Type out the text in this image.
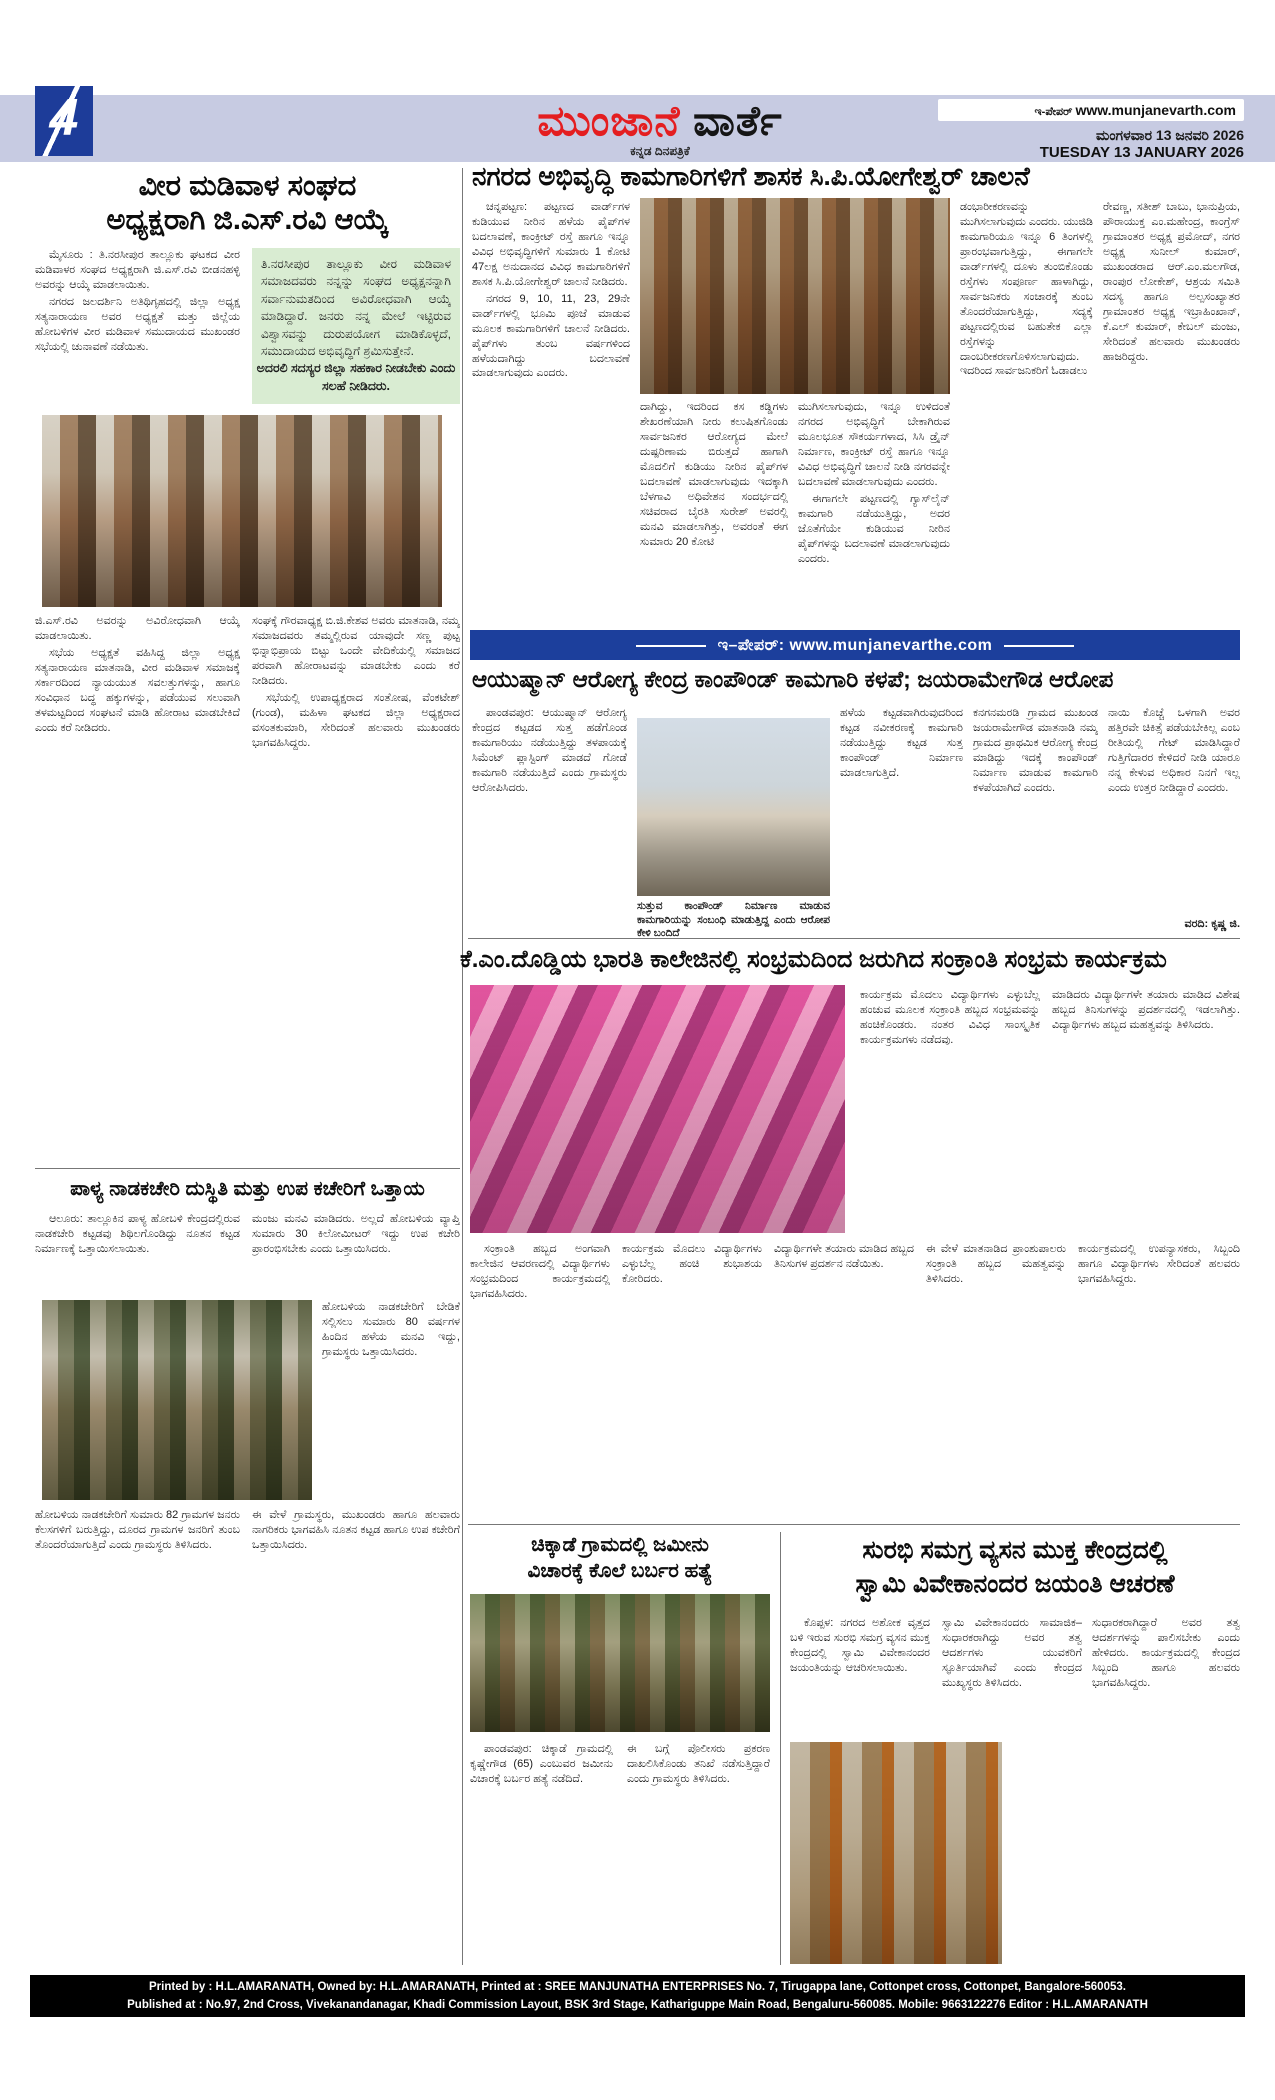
4	ಮುಂಜಾನೆ ವಾರ್ತೆ
ಕನ್ನಡ ದಿನಪತ್ರಿಕೆ
ಇ-ಪೇಪರ್ www.munjanevarth.com
ಮಂಗಳವಾರ 13 ಜನವರಿ 2026
TUESDAY 13 JANUARY 2026
ವೀರ ಮಡಿವಾಳ ಸಂಘದ
ಅಧ್ಯಕ್ಷರಾಗಿ ಜಿ.ಎಸ್.ರವಿ ಆಯ್ಕೆ

ಮೈಸೂರು : ತಿ.ನರಸೀಪುರ ತಾಲ್ಲೂಕು ಘಟಕದ ವೀರ ಮಡಿವಾಳರ ಸಂಘದ ಅಧ್ಯಕ್ಷರಾಗಿ ಜಿ.ಎಸ್.ರವಿ ಬೀಡನಹಳ್ಳಿ ಅವರನ್ನು ಆಯ್ಕೆ ಮಾಡಲಾಯಿತು.

ನಗರದ ಜಲದರ್ಶಿನಿ ಅತಿಥಿಗೃಹದಲ್ಲಿ ಜಿಲ್ಲಾ ಅಧ್ಯಕ್ಷ ಸತ್ಯನಾರಾಯಣ ಅವರ ಅಧ್ಯಕ್ಷತೆ ಮತ್ತು ಜಿಲ್ಲೆಯ ಹೋಬಳಿಗಳ ವೀರ ಮಡಿವಾಳ ಸಮುದಾಯದ ಮುಖಂಡರ ಸಭೆಯಲ್ಲಿ ಚುನಾವಣೆ ನಡೆಯಿತು.

ತಿ.ನರಸೀಪುರ ತಾಲ್ಲೂಕು ವೀರ ಮಡಿವಾಳ ಸಮಾಜದವರು ನನ್ನನ್ನು ಸಂಘದ ಅಧ್ಯಕ್ಷನನ್ನಾಗಿ ಸರ್ವಾನುಮತದಿಂದ ಅವಿರೋಧವಾಗಿ ಆಯ್ಕೆ ಮಾಡಿದ್ದಾರೆ. ಜನರು ನನ್ನ ಮೇಲೆ ಇಟ್ಟಿರುವ ವಿಶ್ವಾಸವನ್ನು ದುರುಪಯೋಗ ಮಾಡಿಕೊಳ್ಳದೆ, ಸಮುದಾಯದ ಅಭಿವೃದ್ಧಿಗೆ ಶ್ರಮಿಸುತ್ತೇನೆ.
ಅದರಲಿ ಸದಸ್ಯರ ಜಿಲ್ಲಾ ಸಹಕಾರ ನೀಡಬೇಕು ಎಂದು ಸಲಹೆ ನೀಡಿದರು.

ಜಿ.ಎಸ್.ರವಿ ಅವರನ್ನು ಅವಿರೋಧವಾಗಿ ಆಯ್ಕೆ ಮಾಡಲಾಯಿತು.

ಸಭೆಯ ಅಧ್ಯಕ್ಷತೆ ವಹಿಸಿದ್ದ ಜಿಲ್ಲಾ ಅಧ್ಯಕ್ಷ ಸತ್ಯನಾರಾಯಣ ಮಾತನಾಡಿ, ವೀರ ಮಡಿವಾಳ ಸಮಾಜಕ್ಕೆ ಸರ್ಕಾರದಿಂದ ನ್ಯಾಯಯುತ ಸವಲತ್ತುಗಳನ್ನು, ಹಾಗೂ ಸಂವಿಧಾನ ಬದ್ಧ ಹಕ್ಕುಗಳನ್ನು, ಪಡೆಯುವ ಸಲುವಾಗಿ ತಳಮಟ್ಟದಿಂದ ಸಂಘಟನೆ ಮಾಡಿ ಹೋರಾಟ ಮಾಡಬೇಕಿದೆ ಎಂದು ಕರೆ ನೀಡಿದರು.

ಸಂಘಕ್ಕೆ ಗೌರವಾಧ್ಯಕ್ಷ ಬಿ.ಜಿ.ಕೇಶವ ಅವರು ಮಾತನಾಡಿ, ನಮ್ಮ ಸಮಾಜದವರು ತಮ್ಮಲ್ಲಿರುವ ಯಾವುದೇ ಸಣ್ಣ ಪುಟ್ಟ ಭಿನ್ನಾಭಿಪ್ರಾಯ ಬಿಟ್ಟು ಒಂದೇ ವೇದಿಕೆಯಲ್ಲಿ ಸಮಾಜದ ಪರವಾಗಿ ಹೋರಾಟವನ್ನು ಮಾಡಬೇಕು ಎಂದು ಕರೆ ನೀಡಿದರು.

ಸಭೆಯಲ್ಲಿ ಉಪಾಧ್ಯಕ್ಷರಾದ ಸಂತೋಷ, ವೆಂಕಟೇಶ್ (ಗುಂಡ), ಮಹಿಳಾ ಘಟಕದ ಜಿಲ್ಲಾ ಅಧ್ಯಕ್ಷರಾದ ವಸಂತಕುಮಾರಿ, ಸೇರಿದಂತೆ ಹಲವಾರು ಮುಖಂಡರು ಭಾಗವಹಿಸಿದ್ದರು.

ನಗರದ ಅಭಿವೃದ್ಧಿ ಕಾಮಗಾರಿಗಳಿಗೆ ಶಾಸಕ ಸಿ.ಪಿ.ಯೋಗೇಶ್ವರ್ ಚಾಲನೆ

ಚನ್ನಪಟ್ಟಣ: ಪಟ್ಟಣದ ವಾರ್ಡ್‌ಗಳ ಕುಡಿಯುವ ನೀರಿನ ಹಳೆಯ ಪೈಪ್‌ಗಳ ಬದಲಾವಣೆ, ಕಾಂಕ್ರೀಟ್ ರಸ್ತೆ ಹಾಗೂ ಇನ್ನೂ ವಿವಿಧ ಅಭಿವೃದ್ಧಿಗಳಿಗೆ ಸುಮಾರು 1 ಕೋಟಿ 47ಲಕ್ಷ ಅನುದಾನದ ವಿವಿಧ ಕಾಮಗಾರಿಗಳಿಗೆ ಶಾಸಕ ಸಿ.ಪಿ.ಯೋಗೇಶ್ವರ್ ಚಾಲನೆ ನೀಡಿದರು.

ನಗರದ 9, 10, 11, 23, 29ನೇ ವಾರ್ಡ್‌ಗಳಲ್ಲಿ ಭೂಮಿ ಪೂಜೆ ಮಾಡುವ ಮೂಲಕ ಕಾಮಗಾರಿಗಳಿಗೆ ಚಾಲನೆ ನೀಡಿದರು. ಪೈಪ್‌ಗಳು ತುಂಬ ವರ್ಷಗಳಿಂದ ಹಳೆಯದಾಗಿದ್ದು ಬದಲಾವಣೆ ಮಾಡಲಾಗುವುದು ಎಂದರು.

ದಾಗಿದ್ದು, ಇದರಿಂದ ಕಸ ಕಡ್ಡಿಗಳು ಶೇಖರಣೆಯಾಗಿ ನೀರು ಕಲುಷಿತಗೊಂಡು ಸಾರ್ವಜನಿಕರ ಆರೋಗ್ಯದ ಮೇಲೆ ದುಷ್ಪರಿಣಾಮ ಬಿರುತ್ತದೆ ಹಾಗಾಗಿ ಮೊದಲಿಗೆ ಕುಡಿಯು ನೀರಿನ ಪೈಪ್‌ಗಳ ಬದಲಾವಣೆ ಮಾಡಲಾಗುವುದು ಇದಕ್ಕಾಗಿ ಬೆಳಗಾವಿ ಅಧಿವೇಶನ ಸಂದರ್ಭದಲ್ಲಿ ಸಚಿವರಾದ ಬೈರತಿ ಸುರೇಶ್ ಅವರಲ್ಲಿ ಮನವಿ ಮಾಡಲಾಗಿತ್ತು, ಅವರಂತೆ ಈಗ ಸುಮಾರು 20 ಕೋಟಿ

ಮುಗಿಸಲಾಗುವುದು, ಇನ್ನೂ ಉಳಿದಂತೆ ನಗರದ ಅಭಿವೃದ್ಧಿಗೆ ಬೇಕಾಗಿರುವ ಮೂಲಭೂತ ಸೌಕರ್ಯಗಳಾದ, ಸಿಸಿ ಡ್ರೈನ್ ನಿರ್ಮಾಣ, ಕಾಂಕ್ರೀಟ್ ರಸ್ತೆ ಹಾಗೂ ಇನ್ನೂ ವಿವಿಧ ಅಭಿವೃದ್ಧಿಗೆ ಚಾಲನೆ ನೀಡಿ ನಗರವನ್ನೇ ಬದಲಾವಣೆ ಮಾಡಲಾಗುವುದು ಎಂದರು.

ಈಗಾಗಲೇ ಪಟ್ಟಣದಲ್ಲಿ ಗ್ಯಾಸ್‌ಲೈನ್ ಕಾಮಗಾರಿ ನಡೆಯುತ್ತಿದ್ದು, ಅದರ ಜೊತೆಗೆಯೇ ಕುಡಿಯುವ ನೀರಿನ ಪೈಪ್‌ಗಳನ್ನು ಬದಲಾವಣೆ ಮಾಡಲಾಗುವುದು ಎಂದರು.

ಡಂಭಾರೀಕರಣವನ್ನು ಮುಗಿಸಲಾಗುವುದು ಎಂದರು. ಯುಜಿಡಿ ಕಾಮಗಾರಿಯೂ ಇನ್ನೂ 6 ತಿಂಗಳಲ್ಲಿ ಪ್ರಾರಂಭವಾಗುತ್ತಿದ್ದು, ಈಗಾಗಲೇ ವಾರ್ಡ್‌ಗಳಲ್ಲಿ ದೂಳು ತುಂಬಿಕೊಂಡು ರಸ್ತೆಗಳು ಸಂಪೂರ್ಣ ಹಾಳಾಗಿದ್ದು, ಸಾರ್ವಜನಿಕರು ಸಂಚಾರಕ್ಕೆ ತುಂಬ ತೊಂದರೆಯಾಗುತ್ತಿದ್ದು, ಸದ್ಯಕ್ಕೆ ಪಟ್ಟಣದಲ್ಲಿರುವ ಬಹುತೇಕ ಎಲ್ಲಾ ರಸ್ತೆಗಳನ್ನು ದಾಂಬರೀಕರಣಗೊಳಿಸಲಾಗುವುದು. ಇದರಿಂದ ಸಾರ್ವಜನಿಕರಿಗೆ ಓಡಾಡಲು

ರೇವಣ್ಣ, ಸತೀಶ್ ಬಾಬು, ಭಾನುಪ್ರಿಯ, ಪೌರಾಯುಕ್ತ ಎಂ.ಮಹೇಂದ್ರ, ಕಾಂಗ್ರೆಸ್ ಗ್ರಾಮಾಂತರ ಅಧ್ಯಕ್ಷ ಪ್ರಮೋದ್, ನಗರ ಅಧ್ಯಕ್ಷ ಸುನೀಲ್ ಕುಮಾರ್, ಮುಖಂಡರಾದ ಆರ್.ಎಂ.ಮಲಗೌಡ, ರಾಂಪುರ ಲೋಕೇಶ್, ಆಶ್ರಯ ಸಮಿತಿ ಸದಸ್ಯ ಹಾಗೂ ಅಲ್ಪಸಂಖ್ಯಾತರ ಗ್ರಾಮಾಂತರ ಅಧ್ಯಕ್ಷ ಇಬ್ರಾಹಿಂಖಾನ್, ಕೆ.ಎಲ್ ಕುಮಾರ್, ಕೇಬಲ್ ಮಂಜು, ಸೇರಿದಂತೆ ಹಲವಾರು ಮುಖಂಡರು ಹಾಜರಿದ್ದರು.

ಇ–ಪೇಪರ್: www.munjanevarthe.com
ಆಯುಷ್ಮಾನ್ ಆರೋಗ್ಯ ಕೇಂದ್ರ ಕಾಂಪೌಂಡ್ ಕಾಮಗಾರಿ ಕಳಪೆ; ಜಯರಾಮೇಗೌಡ ಆರೋಪ

ಪಾಂಡವಪುರ: ಆಯುಷ್ಮಾನ್ ಆರೋಗ್ಯ ಕೇಂದ್ರದ ಕಟ್ಟಡದ ಸುತ್ತ ಹಡೆಗೊಂಡ ಕಾಮಗಾರಿಯು ನಡೆಯುತ್ತಿದ್ದು ತಳಪಾಯಕ್ಕೆ ಸಿಮೆಂಟ್ ಪ್ಲಾಸ್ಟಿಂಗ್ ಮಾಡದೆ ಗೋಡೆ ಕಾಮಗಾರಿ ನಡೆಯುತ್ತಿದೆ ಎಂದು ಗ್ರಾಮಸ್ಥರು ಆರೋಪಿಸಿದರು.

ಸುತ್ತುವ ಕಾಂಪೌಂಡ್ ನಿರ್ಮಾಣ ಮಾಡುವ ಕಾಮಗಾರಿಯನ್ನು ಸಂಬಂಧಿ ಮಾಡುತ್ತಿದ್ದ ಎಂದು ಆರೋಪ ಕೇಳಿ ಬಂದಿದೆ

ಹಳೆಯ ಕಟ್ಟಡವಾಗಿರುವುದರಿಂದ ಕಟ್ಟಡ ನವೀಕರಣಕ್ಕೆ ಕಾಮಗಾರಿ ನಡೆಯುತ್ತಿದ್ದು ಕಟ್ಟಡ ಸುತ್ತ ಕಾಂಪೌಂಡ್ ನಿರ್ಮಾಣ ಮಾಡಲಾಗುತ್ತಿದೆ.

ಕನಗನಮರಡಿ ಗ್ರಾಮದ ಮುಖಂಡ ಜಯರಾಮೇಗೌಡ ಮಾತನಾಡಿ ನಮ್ಮ ಗ್ರಾಮದ ಪ್ರಾಥಮಿಕ ಆರೋಗ್ಯ ಕೇಂದ್ರ ಮಾಡಿದ್ದು ಇದಕ್ಕೆ ಕಾಂಪೌಂಡ್ ನಿರ್ಮಾಣ ಮಾಡುವ ಕಾಮಗಾರಿ ಕಳಪೆಯಾಗಿದೆ ಎಂದರು.

ನಾಯಿ ಕೊಚ್ಚೆ ಒಳಗಾಗಿ ಅವರ ಹತ್ತಿರವೇ ಚಿಕಿತ್ಸೆ ಪಡೆಯಬೇಕಿಲ್ಲ ಎಂಬ ರೀತಿಯಲ್ಲಿ ಗೇಟ್ ಮಾಡಿಸಿದ್ದಾರೆ ಗುತ್ತಿಗೆದಾರರ ಕೇಳಿದರೆ ನೀಡಿ ಯಾರೂ ನನ್ನ ಕೇಳುವ ಅಧಿಕಾರ ನಿನಗೆ ಇಲ್ಲ ಎಂದು ಉತ್ತರ ನೀಡಿದ್ದಾರೆ ಎಂದರು.

ವರದಿ: ಕೃಷ್ಣ ಜಿ.
ಕೆ.ಎಂ.ದೊಡ್ಡಿಯ ಭಾರತಿ ಕಾಲೇಜಿನಲ್ಲಿ ಸಂಭ್ರಮದಿಂದ ಜರುಗಿದ ಸಂಕ್ರಾಂತಿ ಸಂಭ್ರಮ ಕಾರ್ಯಕ್ರಮ

ಕಾರ್ಯಕ್ರಮ ಮೊದಲು ವಿದ್ಯಾರ್ಥಿಗಳು ಎಳ್ಳುಬೆಲ್ಲ ಹಂಚುವ ಮೂಲಕ ಸಂಕ್ರಾಂತಿ ಹಬ್ಬದ ಸಂಭ್ರಮವನ್ನು ಹಂಚಿಕೊಂಡರು. ನಂತರ ವಿವಿಧ ಸಾಂಸ್ಕೃತಿಕ ಕಾರ್ಯಕ್ರಮಗಳು ನಡೆದವು.

ಮಾಡಿದರು ವಿದ್ಯಾರ್ಥಿಗಳೇ ತಯಾರು ಮಾಡಿದ ವಿಶೇಷ ಹಬ್ಬದ ತಿನಿಸುಗಳನ್ನು ಪ್ರದರ್ಶನದಲ್ಲಿ ಇಡಲಾಗಿತ್ತು. ವಿದ್ಯಾರ್ಥಿಗಳು ಹಬ್ಬದ ಮಹತ್ವವನ್ನು ತಿಳಿಸಿದರು.

ಸಂಕ್ರಾಂತಿ ಹಬ್ಬದ ಅಂಗವಾಗಿ ಕಾಲೇಜಿನ ಆವರಣದಲ್ಲಿ ವಿದ್ಯಾರ್ಥಿಗಳು ಸಂಭ್ರಮದಿಂದ ಕಾರ್ಯಕ್ರಮದಲ್ಲಿ ಭಾಗವಹಿಸಿದರು.

ಕಾರ್ಯಕ್ರಮ ಮೊದಲು ವಿದ್ಯಾರ್ಥಿಗಳು ಎಳ್ಳುಬೆಲ್ಲ ಹಂಚಿ ಶುಭಾಶಯ ಕೋರಿದರು.

ವಿದ್ಯಾರ್ಥಿಗಳೇ ತಯಾರು ಮಾಡಿದ ಹಬ್ಬದ ತಿನಿಸುಗಳ ಪ್ರದರ್ಶನ ನಡೆಯಿತು.

ಈ ವೇಳೆ ಮಾತನಾಡಿದ ಪ್ರಾಂಶುಪಾಲರು ಸಂಕ್ರಾಂತಿ ಹಬ್ಬದ ಮಹತ್ವವನ್ನು ತಿಳಿಸಿದರು.

ಕಾರ್ಯಕ್ರಮದಲ್ಲಿ ಉಪನ್ಯಾಸಕರು, ಸಿಬ್ಬಂದಿ ಹಾಗೂ ವಿದ್ಯಾರ್ಥಿಗಳು ಸೇರಿದಂತೆ ಹಲವರು ಭಾಗವಹಿಸಿದ್ದರು.

ಪಾಳ್ಯ ನಾಡಕಚೇರಿ ದುಸ್ಥಿತಿ ಮತ್ತು ಉಪ ಕಚೇರಿಗೆ ಒತ್ತಾಯ

ಆಲೂರು: ತಾಲ್ಲೂಕಿನ ಪಾಳ್ಯ ಹೋಬಳಿ ಕೇಂದ್ರದಲ್ಲಿರುವ ನಾಡಕಚೇರಿ ಕಟ್ಟಡವು ಶಿಥಿಲಗೊಂಡಿದ್ದು ನೂತನ ಕಟ್ಟಡ ನಿರ್ಮಾಣಕ್ಕೆ ಒತ್ತಾಯಿಸಲಾಯಿತು.

ಮಂಜು ಮನವಿ ಮಾಡಿದರು. ಅಲ್ಲದೆ ಹೋಬಳಿಯ ವ್ಯಾಪ್ತಿ ಸುಮಾರು 30 ಕಿಲೋಮೀಟರ್ ಇದ್ದು ಉಪ ಕಚೇರಿ ಪ್ರಾರಂಭಿಸಬೇಕು ಎಂದು ಒತ್ತಾಯಿಸಿದರು.

ಹೋಬಳಿಯ ನಾಡಕಚೇರಿಗೆ ಬೇಡಿಕೆ ಸಲ್ಲಿಸಲು ಸುಮಾರು 80 ವರ್ಷಗಳ ಹಿಂದಿನ ಹಳೆಯ ಮನವಿ ಇದ್ದು, ಗ್ರಾಮಸ್ಥರು ಒತ್ತಾಯಿಸಿದರು.

ಹೋಬಳಿಯ ನಾಡಕಚೇರಿಗೆ ಸುಮಾರು 82 ಗ್ರಾಮಗಳ ಜನರು ಕೆಲಸಗಳಿಗೆ ಬರುತ್ತಿದ್ದು, ದೂರದ ಗ್ರಾಮಗಳ ಜನರಿಗೆ ತುಂಬ ತೊಂದರೆಯಾಗುತ್ತಿದೆ ಎಂದು ಗ್ರಾಮಸ್ಥರು ತಿಳಿಸಿದರು.

ಈ ವೇಳೆ ಗ್ರಾಮಸ್ಥರು, ಮುಖಂಡರು ಹಾಗೂ ಹಲವಾರು ನಾಗರಿಕರು ಭಾಗವಹಿಸಿ ನೂತನ ಕಟ್ಟಡ ಹಾಗೂ ಉಪ ಕಚೇರಿಗೆ ಒತ್ತಾಯಿಸಿದರು.	ಚಿಕ್ಕಾಡೆ ಗ್ರಾಮದಲ್ಲಿ ಜಮೀನು
ವಿಚಾರಕ್ಕೆ ಕೊಲೆ ಬರ್ಬರ ಹತ್ಯೆ

ಪಾಂಡವಪುರ: ಚಿಕ್ಕಾಡೆ ಗ್ರಾಮದಲ್ಲಿ ಕೃಷ್ಣೇಗೌಡ (65) ಎಂಬುವರ ಜಮೀನು ವಿಚಾರಕ್ಕೆ ಬರ್ಬರ ಹತ್ಯೆ ನಡೆದಿದೆ.

ಈ ಬಗ್ಗೆ ಪೊಲೀಸರು ಪ್ರಕರಣ ದಾಖಲಿಸಿಕೊಂಡು ತನಿಖೆ ನಡೆಸುತ್ತಿದ್ದಾರೆ ಎಂದು ಗ್ರಾಮಸ್ಥರು ತಿಳಿಸಿದರು.

ಸುರಭಿ ಸಮಗ್ರ ವ್ಯಸನ ಮುಕ್ತ ಕೇಂದ್ರದಲ್ಲಿ
ಸ್ವಾಮಿ ವಿವೇಕಾನಂದರ ಜಯಂತಿ ಆಚರಣೆ

ಕೊಪ್ಪಳ: ನಗರದ ಅಶೋಕ ವೃತ್ತದ ಬಳಿ ಇರುವ ಸುರಭಿ ಸಮಗ್ರ ವ್ಯಸನ ಮುಕ್ತ ಕೇಂದ್ರದಲ್ಲಿ ಸ್ವಾಮಿ ವಿವೇಕಾನಂದರ ಜಯಂತಿಯನ್ನು ಆಚರಿಸಲಾಯಿತು.

ಸ್ವಾಮಿ ವಿವೇಕಾನಂದರು ಸಾಮಾಜಿಕ– ಸುಧಾರಕರಾಗಿದ್ದು ಅವರ ತತ್ವ ಆದರ್ಶಗಳು ಯುವಕರಿಗೆ ಸ್ಫೂರ್ತಿಯಾಗಿವೆ ಎಂದು ಕೇಂದ್ರದ ಮುಖ್ಯಸ್ಥರು ತಿಳಿಸಿದರು.

ಸುಧಾರಕರಾಗಿದ್ದಾರೆ ಅವರ ತತ್ವ ಆದರ್ಶಗಳನ್ನು ಪಾಲಿಸಬೇಕು ಎಂದು ಹೇಳಿದರು. ಕಾರ್ಯಕ್ರಮದಲ್ಲಿ ಕೇಂದ್ರದ ಸಿಬ್ಬಂದಿ ಹಾಗೂ ಹಲವರು ಭಾಗವಹಿಸಿದ್ದರು.

Printed by : H.L.AMARANATH, Owned by: H.L.AMARANATH, Printed at : SREE MANJUNATHA ENTERPRISES No. 7, Tirugappa lane, Cottonpet cross, Cottonpet, Bangalore-560053.
Published at : No.97, 2nd Cross, Vivekanandanagar, Khadi Commission Layout, BSK 3rd Stage, Kathariguppe Main Road, Bengaluru-560085. Mobile: 9663122276 Editor : H.L.AMARANATH
